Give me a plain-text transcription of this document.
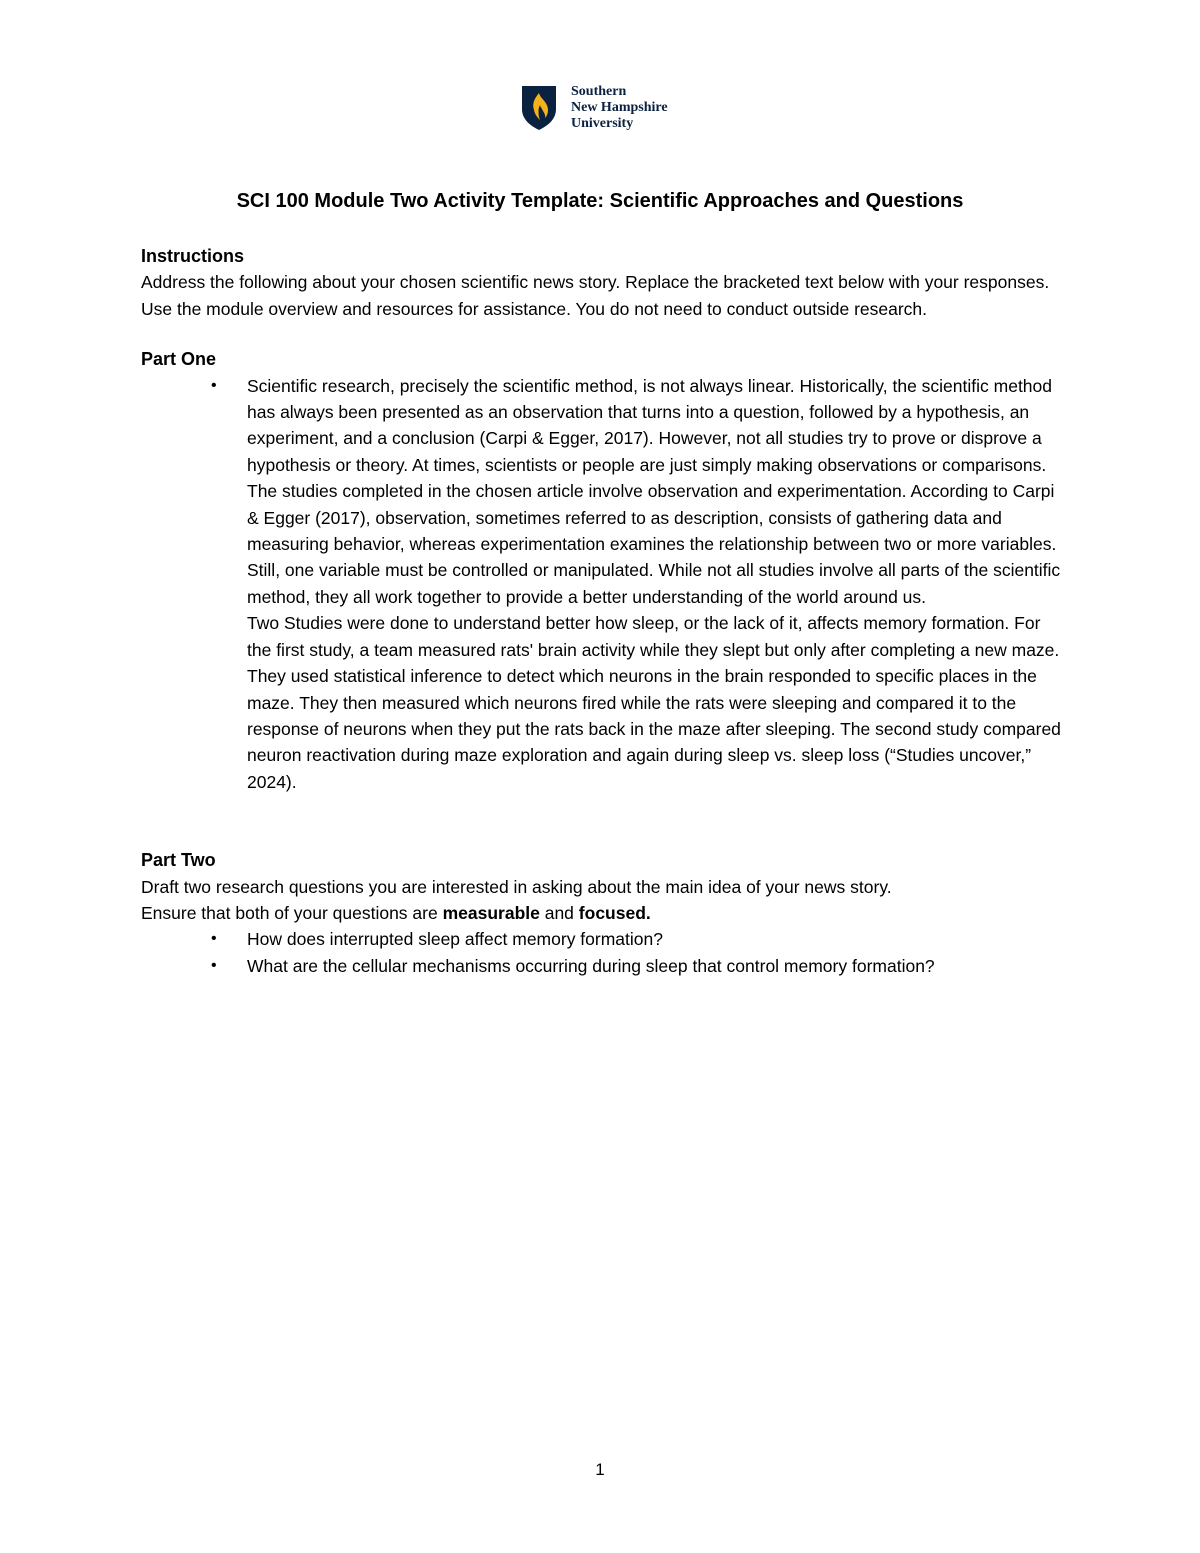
Southern
New Hampshire
University
SCI 100 Module Two Activity Template: Scientific Approaches and Questions
Instructions

Address the following about your chosen scientific news story. Replace the bracketed text below with your responses. Use the module overview and resources for assistance. You do not need to conduct outside research.

Part One
• Scientific research, precisely the scientific method, is not always linear. Historically, the scientific method has always been presented as an observation that turns into a question, followed by a hypothesis, an experiment, and a conclusion (Carpi & Egger, 2017). However, not all studies try to prove or disprove a hypothesis or theory. At times, scientists or people are just simply making observations or comparisons. The studies completed in the chosen article involve observation and experimentation. According to Carpi & Egger (2017), observation, sometimes referred to as description, consists of gathering data and measuring behavior, whereas experimentation examines the relationship between two or more variables. Still, one variable must be controlled or manipulated. While not all studies involve all parts of the scientific method, they all work together to provide a better understanding of the world around us.

Two Studies were done to understand better how sleep, or the lack of it, affects memory formation. For the first study, a team measured rats' brain activity while they slept but only after completing a new maze. They used statistical inference to detect which neurons in the brain responded to specific places in the maze. They then measured which neurons fired while the rats were sleeping and compared it to the response of neurons when they put the rats back in the maze after sleeping. The second study compared neuron reactivation during maze exploration and again during sleep vs. sleep loss (“Studies uncover,” 2024).

Part Two

Draft two research questions you are interested in asking about the main idea of your news story.

Ensure that both of your questions are measurable and focused.

• How does interrupted sleep affect memory formation?
• What are the cellular mechanisms occurring during sleep that control memory formation?
1
